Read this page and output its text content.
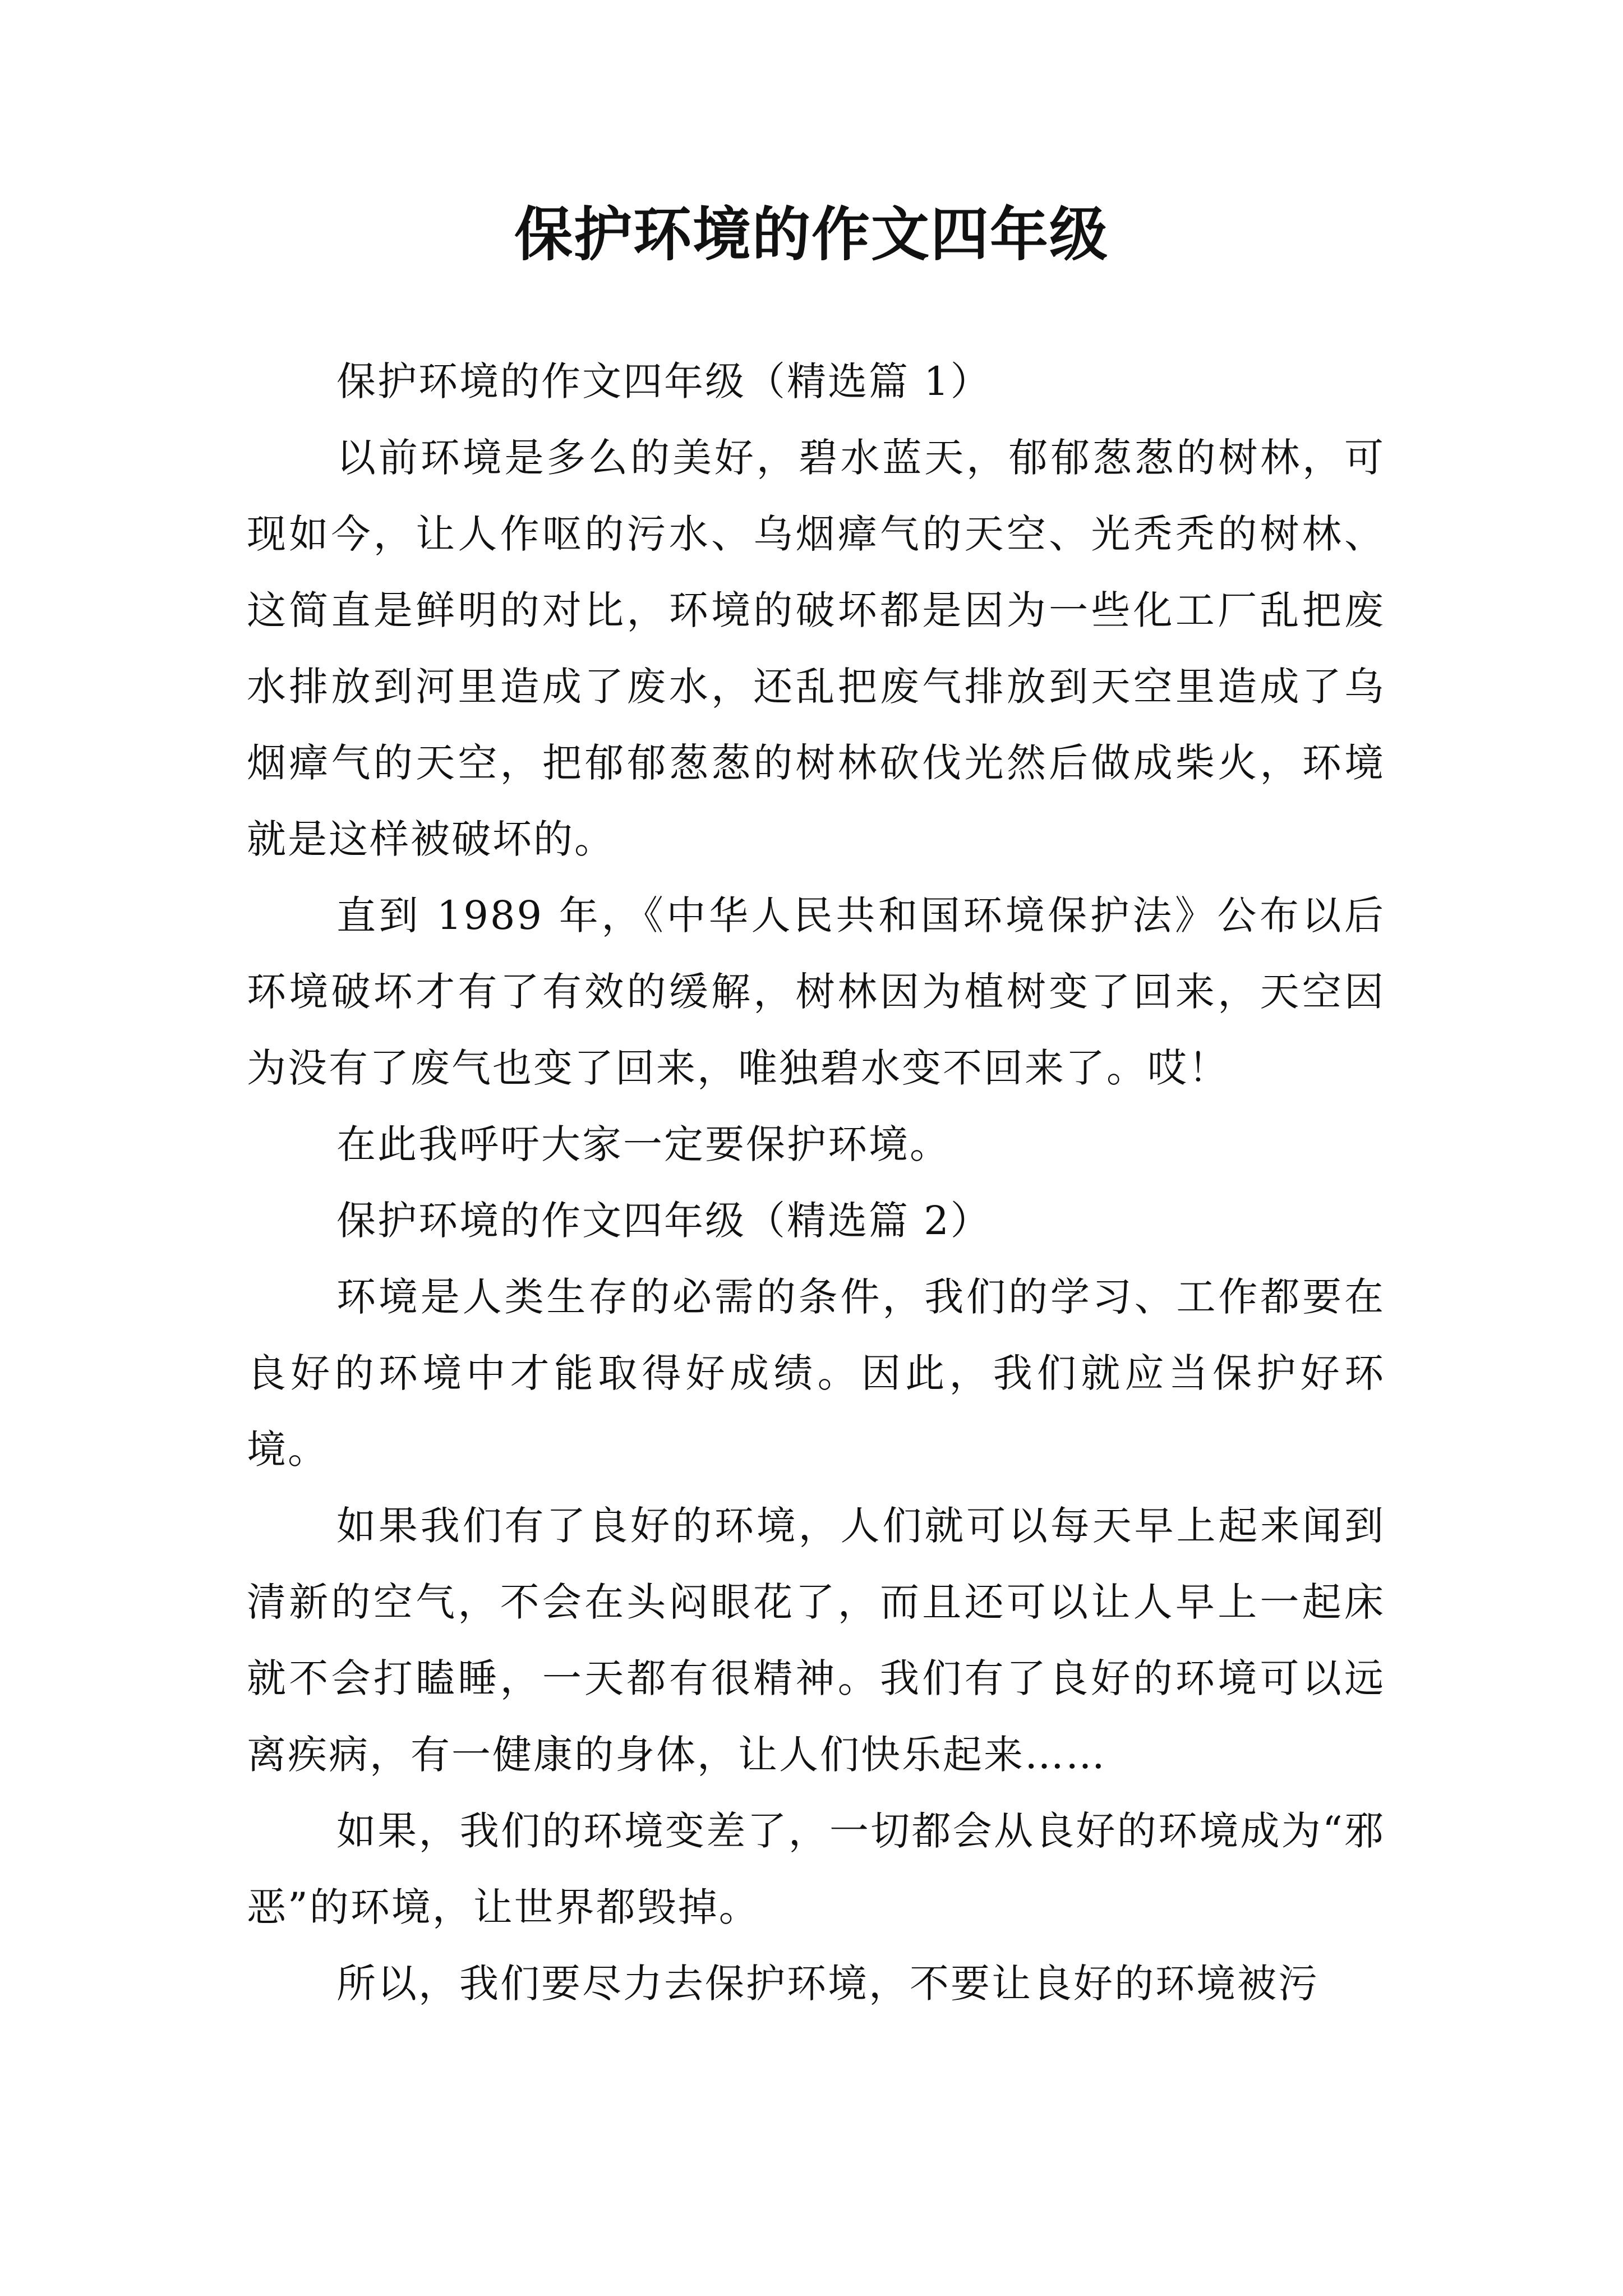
保护环境的作文四年级

保护环境的作文四年级（精选篇 1）

以前环境是多么的美好，碧水蓝天，郁郁葱葱的树林，可现如今，让人作呕的污水、乌烟瘴气的天空、光秃秃的树林、这简直是鲜明的对比，环境的破坏都是因为一些化工厂乱把废水排放到河里造成了废水，还乱把废气排放到天空里造成了乌烟瘴气的天空，把郁郁葱葱的树林砍伐光然后做成柴火，环境就是这样被破坏的。

直到 1989 年，《中华人民共和国环境保护法》公布以后环境破坏才有了有效的缓解，树林因为植树变了回来，天空因为没有了废气也变了回来，唯独碧水变不回来了。哎！

在此我呼吁大家一定要保护环境。

保护环境的作文四年级（精选篇 2）

环境是人类生存的必需的条件，我们的学习、工作都要在良好的环境中才能取得好成绩。因此，我们就应当保护好环境。

如果我们有了良好的环境，人们就可以每天早上起来闻到清新的空气，不会在头闷眼花了，而且还可以让人早上一起床就不会打瞌睡，一天都有很精神。我们有了良好的环境可以远离疾病，有一健康的身体，让人们快乐起来……

如果，我们的环境变差了，一切都会从良好的环境成为“邪恶”的环境，让世界都毁掉。

所以，我们要尽力去保护环境，不要让良好的环境被污
